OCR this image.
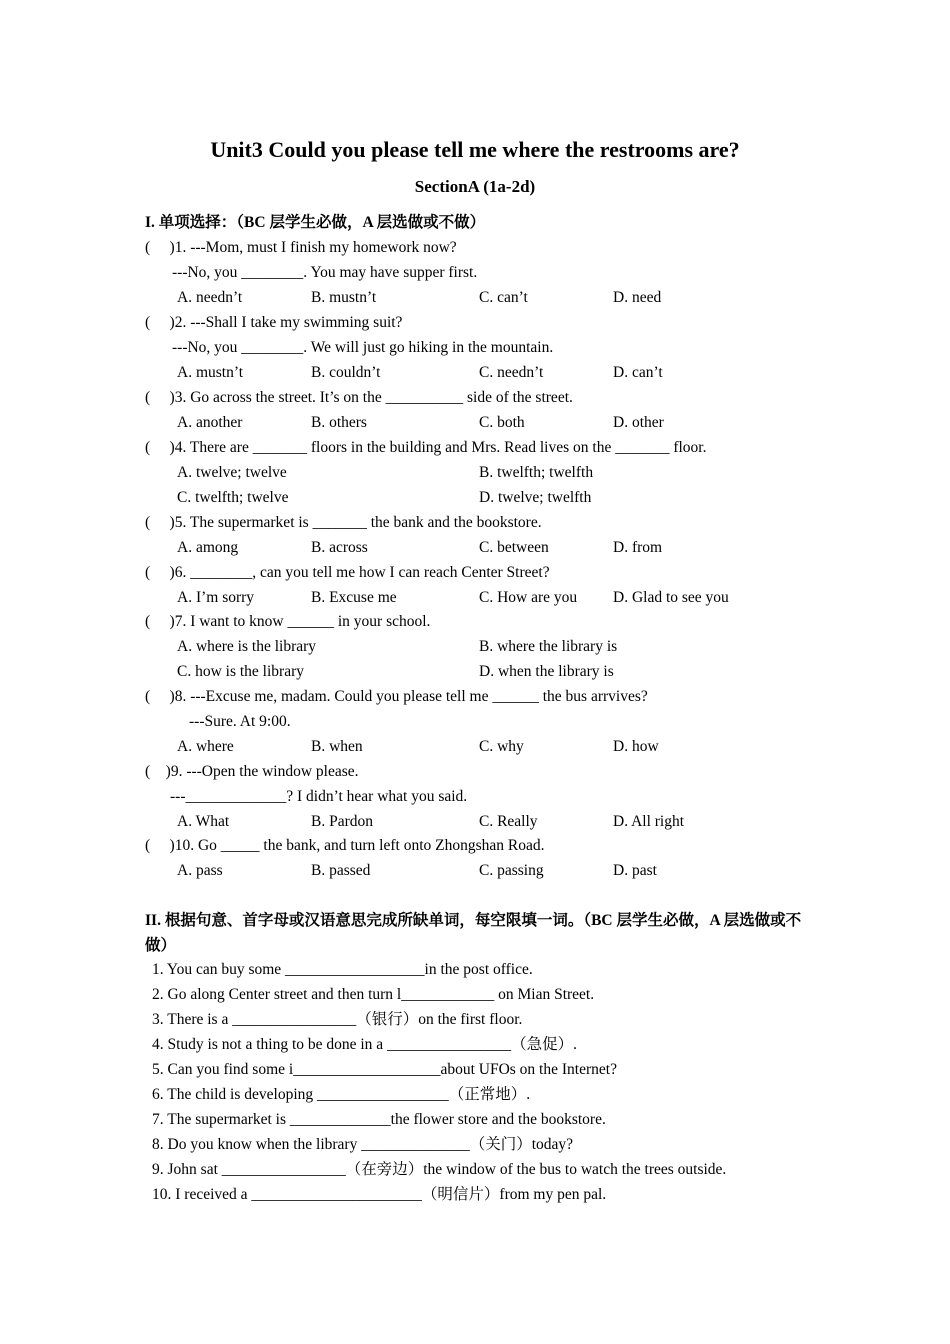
Unit3 Could you please tell me where the restrooms are?
SectionA (1a-2d)
I. 单项选择：（BC 层学生必做，A 层选做或不做）
(     )1. ---Mom, must I finish my homework now?
---No, you ________. You may have supper first.
A. needn’t	B. mustn’t	C. can’t	D. need
(     )2. ---Shall I take my swimming suit?
---No, you ________. We will just go hiking in the mountain.
A. mustn’t	B. couldn’t	C. needn’t	D. can’t
(     )3. Go across the street. It’s on the __________ side of the street.
A. another	B. others	C. both	D. other
(     )4. There are _______ floors in the building and Mrs. Read lives on the _______ floor.
A. twelve; twelve	B. twelfth; twelfth
C. twelfth; twelve	D. twelve; twelfth
(     )5. The supermarket is _______ the bank and the bookstore.
A. among	B. across	C. between	D. from
(     )6. ________, can you tell me how I can reach Center Street?
A. I’m sorry	B. Excuse me	C. How are you D. Glad to see you
(     )7. I want to know ______ in your school.
A. where is the library	B. where the library is
C. how is the library	D. when the library is
(     )8. ---Excuse me, madam. Could you please tell me ______ the bus arrvives?
---Sure. At 9:00.
A. where	B. when	C. why	D. how
(    )9. ---Open the window please.
---_____________? I didn’t hear what you said.
A. What	B. Pardon	C. Really	D. All right
(     )10. Go _____ the bank, and turn left onto Zhongshan Road.
A. pass	B. passed	C. passing	D. past
II. 根据句意、首字母或汉语意思完成所缺单词，每空限填一词。（BC 层学生必做，A 层选做或不做）
1. You can buy some __________________in the post office.
2. Go along Center street and then turn l____________ on Mian Street.
3. There is a ________________（银行）on the first floor.
4. Study is not a thing to be done in a ________________（急促）.
5. Can you find some i___________________about UFOs on the Internet?
6. The child is developing _________________（正常地）.
7. The supermarket is _____________the flower store and the bookstore.
8. Do you know when the library ______________（关门）today?
9. John sat ________________（在旁边）the window of the bus to watch the trees outside.
10. I received a ______________________（明信片）from my pen pal.
